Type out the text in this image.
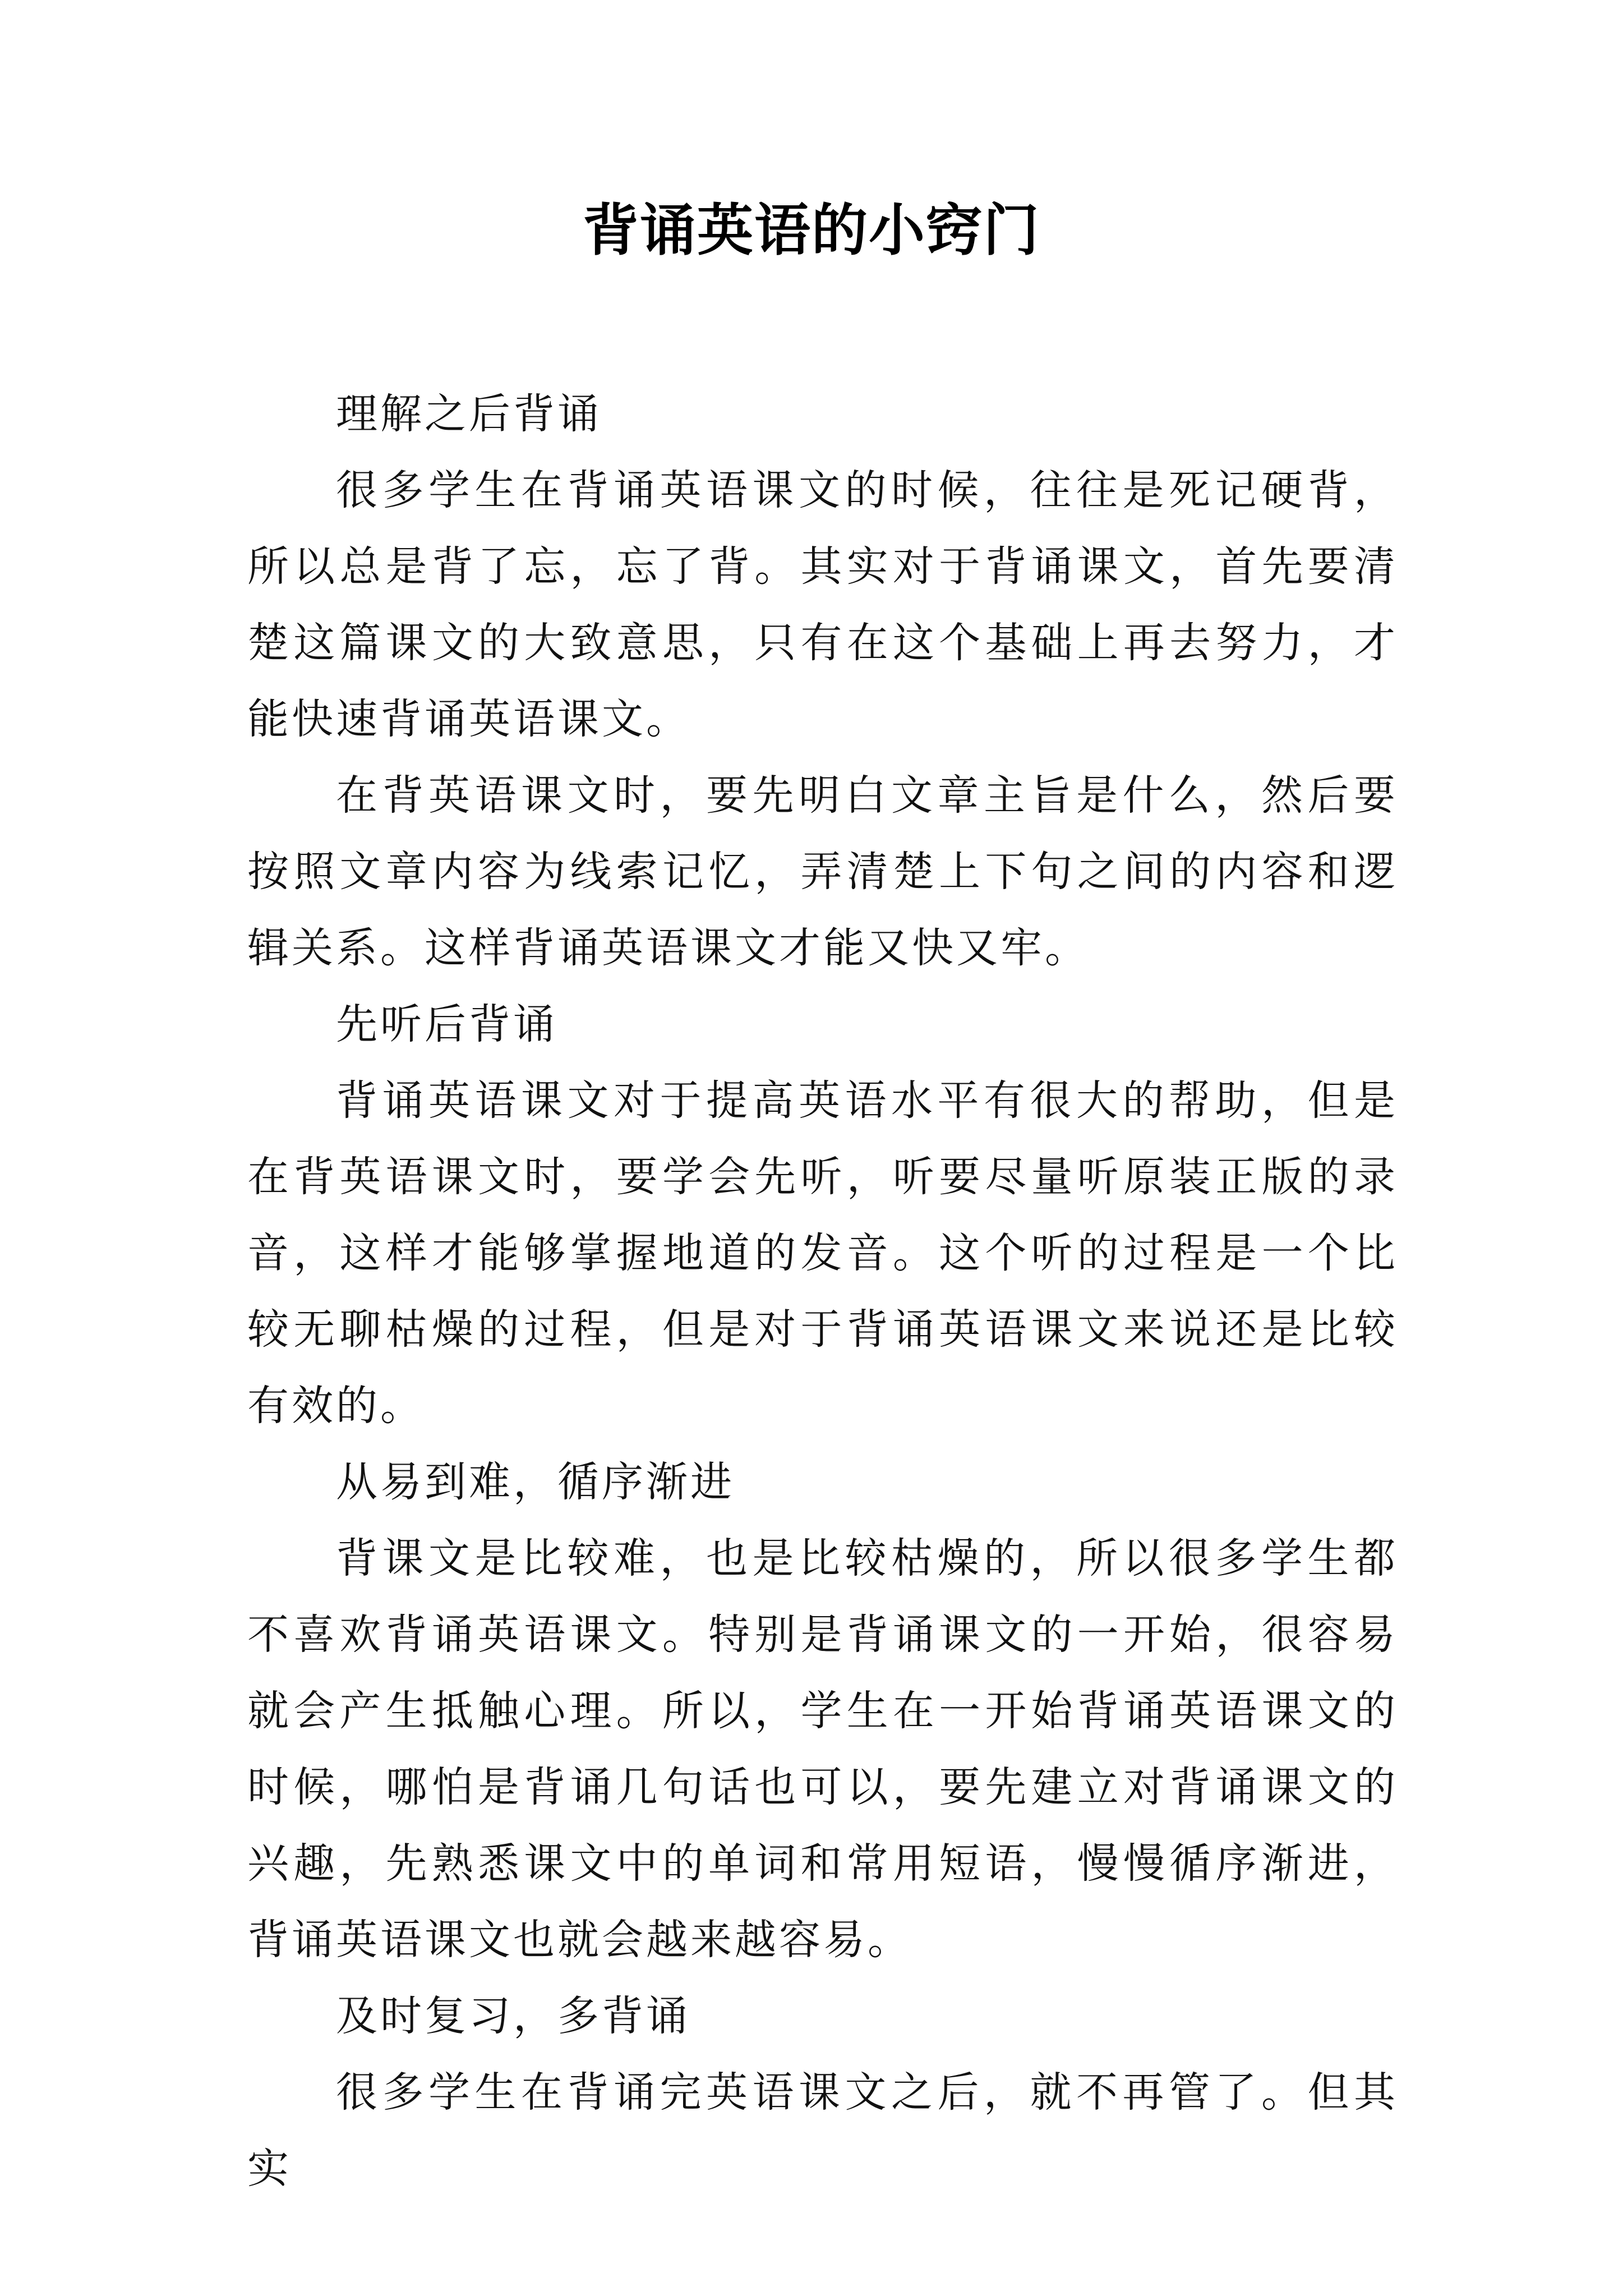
背诵英语的小窍门

理解之后背诵

很多学生在背诵英语课文的时候，往往是死记硬背，所以总是背了忘，忘了背。其实对于背诵课文，首先要清楚这篇课文的大致意思，只有在这个基础上再去努力，才能快速背诵英语课文。

在背英语课文时，要先明白文章主旨是什么，然后要按照文章内容为线索记忆，弄清楚上下句之间的内容和逻辑关系。这样背诵英语课文才能又快又牢。

先听后背诵

背诵英语课文对于提高英语水平有很大的帮助，但是在背英语课文时，要学会先听，听要尽量听原装正版的录音，这样才能够掌握地道的发音。这个听的过程是一个比较无聊枯燥的过程，但是对于背诵英语课文来说还是比较有效的。

从易到难，循序渐进

背课文是比较难，也是比较枯燥的，所以很多学生都不喜欢背诵英语课文。特别是背诵课文的一开始，很容易就会产生抵触心理。所以，学生在一开始背诵英语课文的时候，哪怕是背诵几句话也可以，要先建立对背诵课文的兴趣，先熟悉课文中的单词和常用短语，慢慢循序渐进，背诵英语课文也就会越来越容易。

及时复习，多背诵

很多学生在背诵完英语课文之后，就不再管了。但其实
